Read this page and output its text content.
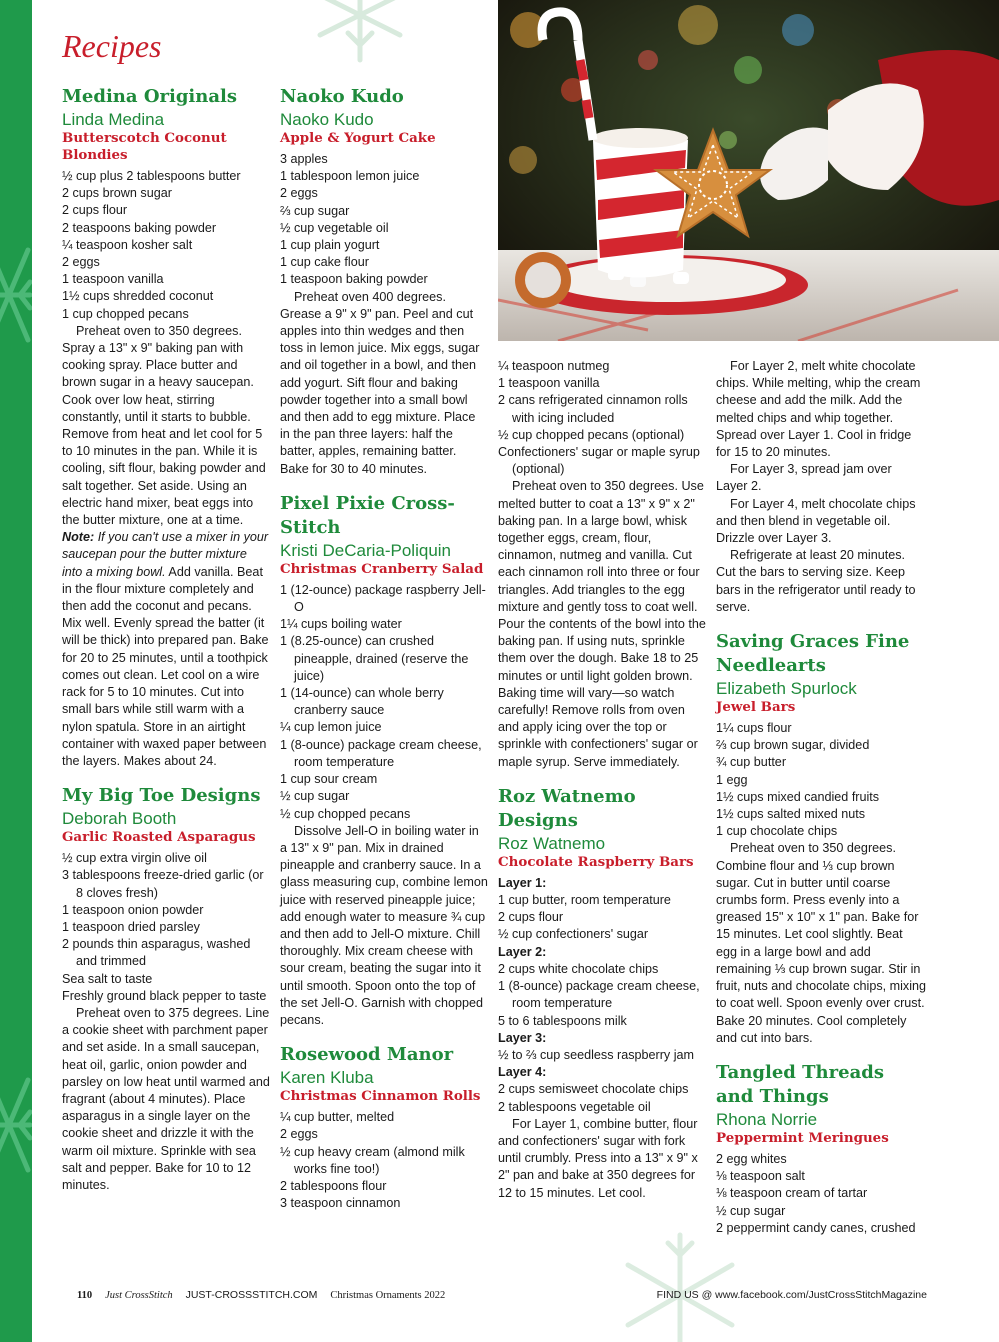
Recipes

Medina Originals

Linda Medina

Butterscotch Coconut Blondies

½ cup plus 2 tablespoons butter
2 cups brown sugar
2 cups flour
2 teaspoons baking powder
¼ teaspoon kosher salt
2 eggs
1 teaspoon vanilla
1½ cups shredded coconut
1 cup chopped pecans

Preheat oven to 350 degrees. Spray a 13" x 9" baking pan with cooking spray. Place butter and brown sugar in a heavy saucepan. Cook over low heat, stirring constantly, until it starts to bubble. Remove from heat and let cool for 5 to 10 minutes in the pan. While it is cooling, sift flour, baking powder and salt together. Set aside. Using an electric hand mixer, beat eggs into the butter mixture, one at a time. Note: If you can't use a mixer in your saucepan pour the butter mixture into a mixing bowl. Add vanilla. Beat in the flour mixture completely and then add the coconut and pecans. Mix well. Evenly spread the batter (it will be thick) into prepared pan. Bake for 20 to 25 minutes, until a toothpick comes out clean. Let cool on a wire rack for 5 to 10 minutes. Cut into small bars while still warm with a nylon spatula. Store in an airtight container with waxed paper between the layers. Makes about 24.

My Big Toe Designs

Deborah Booth

Garlic Roasted Asparagus

½ cup extra virgin olive oil
3 tablespoons freeze-dried garlic (or 8 cloves fresh)
1 teaspoon onion powder
1 teaspoon dried parsley
2 pounds thin asparagus, washed and trimmed
Sea salt to taste
Freshly ground black pepper to taste

Preheat oven to 375 degrees. Line a cookie sheet with parchment paper and set aside. In a small saucepan, heat oil, garlic, onion powder and parsley on low heat until warmed and fragrant (about 4 minutes). Place asparagus in a single layer on the cookie sheet and drizzle it with the warm oil mixture. Sprinkle with sea salt and pepper. Bake for 10 to 12 minutes.

Naoko Kudo

Naoko Kudo

Apple & Yogurt Cake

3 apples
1 tablespoon lemon juice
2 eggs
⅔ cup sugar
½ cup vegetable oil
1 cup plain yogurt
1 cup cake flour
1 teaspoon baking powder

Preheat oven 400 degrees. Grease a 9" x 9" pan. Peel and cut apples into thin wedges and then toss in lemon juice. Mix eggs, sugar and oil together in a bowl, and then add yogurt. Sift flour and baking powder together into a small bowl and then add to egg mixture. Place in the pan three layers: half the batter, apples, remaining batter. Bake for 30 to 40 minutes.

Pixel Pixie Cross-Stitch

Kristi DeCaria-Poliquin

Christmas Cranberry Salad

1 (12-ounce) package raspberry Jell-O
1¼ cups boiling water
1 (8.25-ounce) can crushed pineapple, drained (reserve the juice)
1 (14-ounce) can whole berry cranberry sauce
¼ cup lemon juice
1 (8-ounce) package cream cheese, room temperature
1 cup sour cream
½ cup sugar
½ cup chopped pecans

Dissolve Jell-O in boiling water in a 13" x 9" pan. Mix in drained pineapple and cranberry sauce. In a glass measuring cup, combine lemon juice with reserved pineapple juice; add enough water to measure ¾ cup and then add to Jell-O mixture. Chill thoroughly. Mix cream cheese with sour cream, beating the sugar into it until smooth. Spoon onto the top of the set Jell-O. Garnish with chopped pecans.

Rosewood Manor

Karen Kluba

Christmas Cinnamon Rolls

¼ cup butter, melted
2 eggs
½ cup heavy cream (almond milk works fine too!)
2 tablespoons flour
3 teaspoon cinnamon
¼ teaspoon nutmeg
1 teaspoon vanilla
2 cans refrigerated cinnamon rolls with icing included
½ cup chopped pecans (optional)
Confectioners' sugar or maple syrup (optional)

Preheat oven to 350 degrees. Use melted butter to coat a 13" x 9" x 2" baking pan. In a large bowl, whisk together eggs, cream, flour, cinnamon, nutmeg and vanilla. Cut each cinnamon roll into three or four triangles. Add triangles to the egg mixture and gently toss to coat well. Pour the contents of the bowl into the baking pan. If using nuts, sprinkle them over the dough. Bake 18 to 25 minutes or until light golden brown. Baking time will vary—so watch carefully! Remove rolls from oven and apply icing over the top or sprinkle with confectioners' sugar or maple syrup. Serve immediately.

Roz Watnemo Designs

Roz Watnemo

Chocolate Raspberry Bars

Layer 1:
1 cup butter, room temperature
2 cups flour
½ cup confectioners' sugar
Layer 2:
2 cups white chocolate chips
1 (8-ounce) package cream cheese, room temperature
5 to 6 tablespoons milk
Layer 3:
½ to ⅔ cup seedless raspberry jam
Layer 4:
2 cups semisweet chocolate chips
2 tablespoons vegetable oil

For Layer 1, combine butter, flour and confectioners' sugar with fork until crumbly. Press into a 13" x 9" x 2" pan and bake at 350 degrees for 12 to 15 minutes. Let cool.

For Layer 2, melt white chocolate chips. While melting, whip the cream cheese and add the milk. Add the melted chips and whip together. Spread over Layer 1. Cool in fridge for 15 to 20 minutes.

For Layer 3, spread jam over Layer 2.

For Layer 4, melt chocolate chips and then blend in vegetable oil. Drizzle over Layer 3.

Refrigerate at least 20 minutes. Cut the bars to serving size. Keep bars in the refrigerator until ready to serve.

Saving Graces Fine Needlearts

Elizabeth Spurlock

Jewel Bars

1¼ cups flour
⅔ cup brown sugar, divided
¾ cup butter
1 egg
1½ cups mixed candied fruits
1½ cups salted mixed nuts
1 cup chocolate chips

Preheat oven to 350 degrees. Combine flour and ⅓ cup brown sugar. Cut in butter until coarse crumbs form. Press evenly into a greased 15" x 10" x 1" pan. Bake for 15 minutes. Let cool slightly. Beat egg in a large bowl and add remaining ⅓ cup brown sugar. Stir in fruit, nuts and chocolate chips, mixing to coat well. Spoon evenly over crust. Bake 20 minutes. Cool completely and cut into bars.

Tangled Threads and Things

Rhona Norrie

Peppermint Meringues

2 egg whites
⅛ teaspoon salt
⅛ teaspoon cream of tartar
½ cup sugar
2 peppermint candy canes, crushed
110 Just CrossStitch JUST-CROSSSTITCH.COM Christmas Ornaments 2022	FIND US @ www.facebook.com/JustCrossStitchMagazine
